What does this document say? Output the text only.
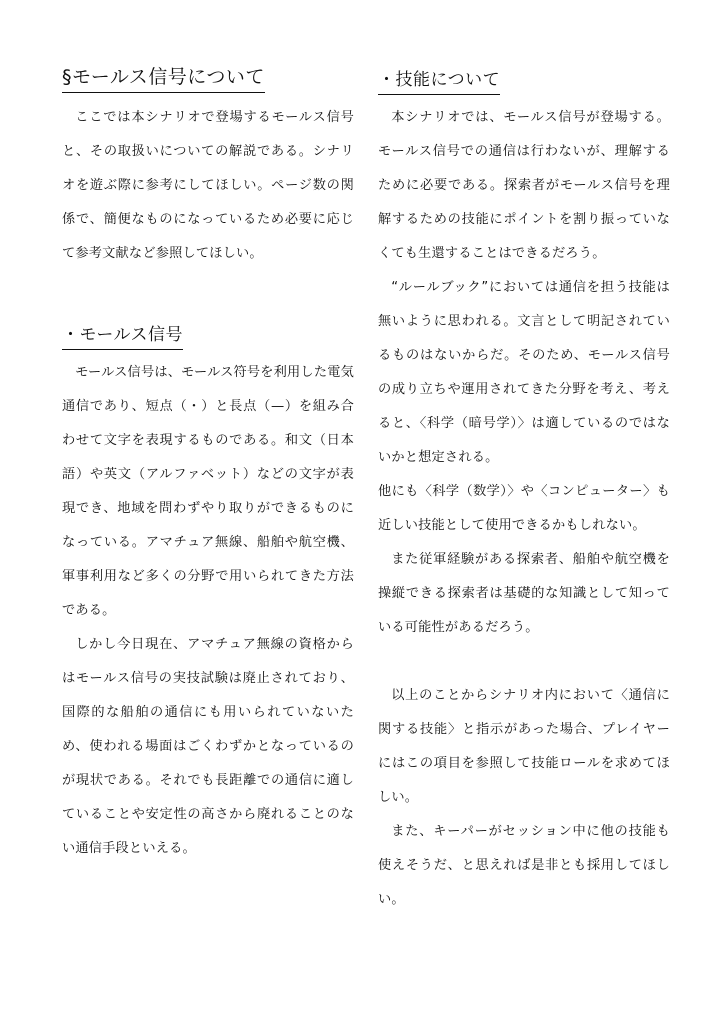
§モールス信号について

ここでは本シナリオで登場するモールス信号と、その取扱いについての解説である。シナリオを遊ぶ際に参考にしてほしい。ページ数の関係で、簡便なものになっているため必要に応じて参考文献など参照してほしい。

・モールス信号

モールス信号は、モールス符号を利用した電気通信であり、短点（・）と長点（—）を組み合わせて文字を表現するものである。和文（日本語）や英文（アルファベット）などの文字が表現でき、地域を問わずやり取りができるものになっている。アマチュア無線、船舶や航空機、軍事利用など多くの分野で用いられてきた方法である。

しかし今日現在、アマチュア無線の資格からはモールス信号の実技試験は廃止されており、国際的な船舶の通信にも用いられていないため、使われる場面はごくわずかとなっているのが現状である。それでも長距離での通信に適していることや安定性の高さから廃れることのない通信手段といえる。

・技能について

本シナリオでは、モールス信号が登場する。モールス信号での通信は行わないが、理解するために必要である。探索者がモールス信号を理解するための技能にポイントを割り振っていなくても生還することはできるだろう。

“ルールブック”においては通信を担う技能は無いように思われる。文言として明記されているものはないからだ。そのため、モールス信号の成り立ちや運用されてきた分野を考え、考えると、〈科学（暗号学）〉は適しているのではないかと想定される。

他にも〈科学（数学）〉や〈コンピューター〉も近しい技能として使用できるかもしれない。

また従軍経験がある探索者、船舶や航空機を操縦できる探索者は基礎的な知識として知っている可能性があるだろう。

以上のことからシナリオ内において〈通信に関する技能〉と指示があった場合、プレイヤーにはこの項目を参照して技能ロールを求めてほしい。

また、キーパーがセッション中に他の技能も使えそうだ、と思えれば是非とも採用してほしい。
